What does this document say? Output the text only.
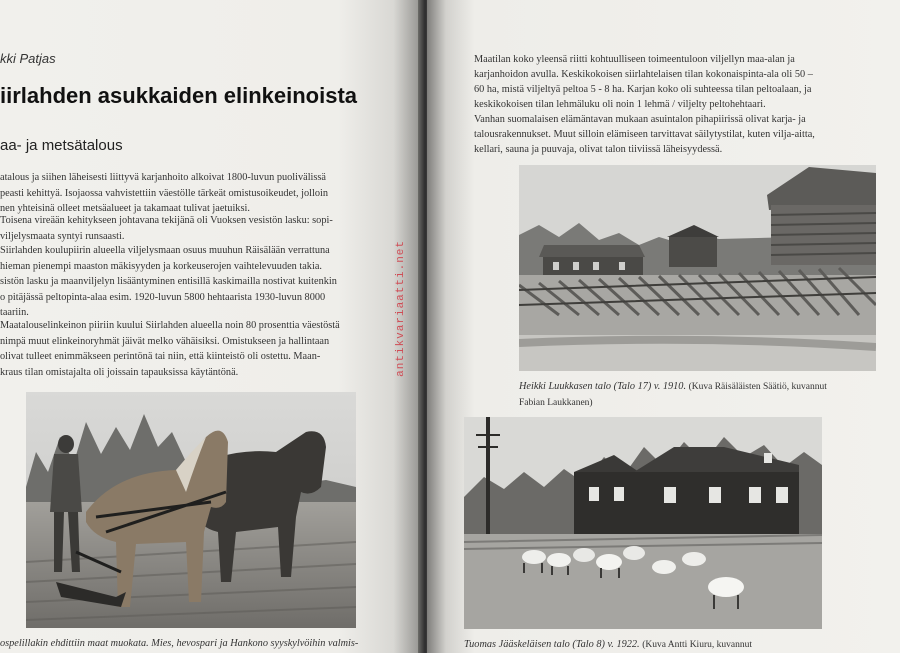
kki Patjas
iirlahden asukkaiden elinkeinoista
aa- ja metsätalous

atalous ja siihen läheisesti liittyvä karjanhoito alkoivat 1800-luvun puolivälissä
peasti kehittyä. Isojaossa vahvistettiin väestölle tärkeät omistusoikeudet, jolloin
nen yhteisinä olleet metsäalueet ja takamaat tulivat jaetuiksi.

Toisena vireään kehitykseen johtavana tekijänä oli Vuoksen vesistön lasku: sopi-
viljelysmaata syntyi runsaasti.

Siirlahden koulupiirin alueella viljelysmaan osuus muuhun Räisälään verrattuna
hieman pienempi maaston mäkisyyden ja korkeuserojen vaihtelevuuden takia.
sistön lasku ja maanviljelyn lisääntyminen entisillä kaskimailla nostivat kuitenkin
o pitäjässä peltopinta-alaa esim. 1920-luvun 5800 hehtaarista 1930-luvun 8000
taariin.

Maatalouselinkeinon piiriin kuului Siirlahden alueella noin 80 prosenttia väestöstä
nimpä muut elinkeinoryhmät jäivät melko vähäisiksi. Omistukseen ja hallintaan
olivat tulleet enimmäkseen perintönä tai niin, että kiinteistö oli ostettu. Maan-
kraus tilan omistajalta oli joissain tapauksissa käytäntönä.

ospelillakin ehdittiin maat muokata. Mies, hevospari ja Hankono syyskylvöihin valmis-
antikvariaatti.net

Maatilan koko yleensä riitti kohtuulliseen toimeentuloon viljellyn maa-alan ja
karjanhoidon avulla. Keskikokoisen siirlahtelaisen tilan kokonaispinta-ala oli 50 –
60 ha, mistä viljeltyä peltoa 5 - 8 ha. Karjan koko oli suhteessa tilan peltoalaan, ja
keskikokoisen tilan lehmäluku oli noin 1 lehmä / viljelty peltohehtaari.

Vanhan suomalaisen elämäntavan mukaan asuintalon pihapiirissä olivat karja- ja
talousrakennukset. Muut silloin elämiseen tarvittavat säilytystilat, kuten vilja-aitta,
kellari, sauna ja puuvaja, olivat talon tiiviissä läheisyydessä.

Heikki Luukkasen talo (Talo 17) v. 1910. (Kuva Räisäläisten Säätiö, kuvannut
Fabian Laukkanen)
Tuomas Jääskeläisen talo (Talo 8) v. 1922. (Kuva Antti Kiuru, kuvannut
